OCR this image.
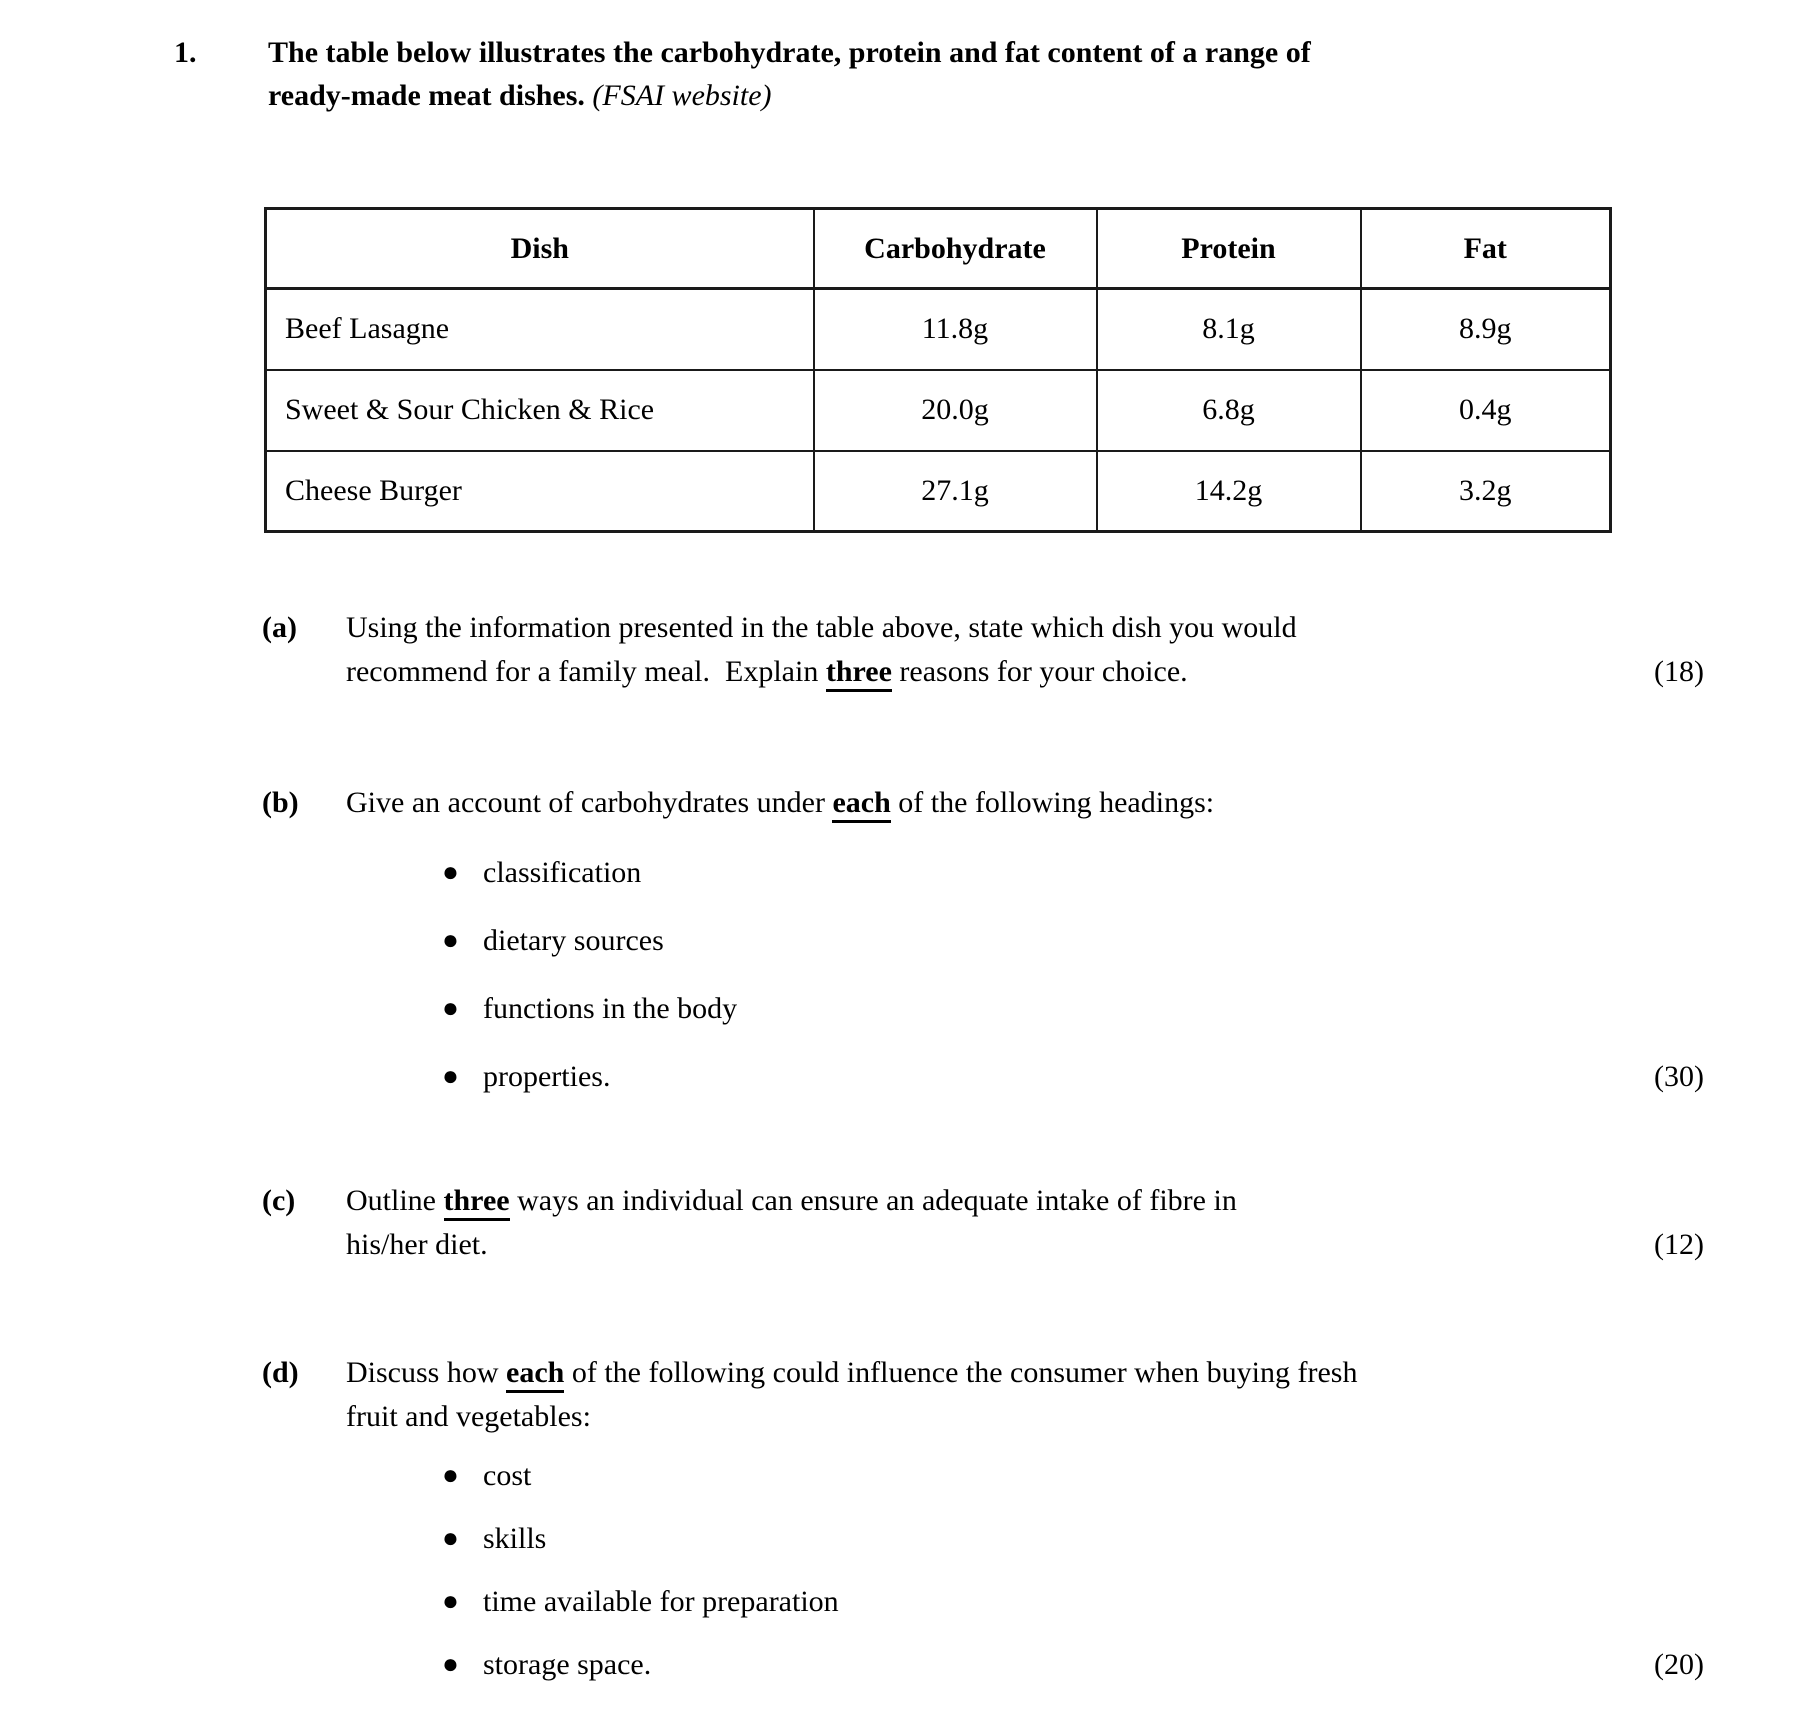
1.	The table below illustrates the carbohydrate, protein and fat content of a range of
ready-made meat dishes. (FSAI website)
Dish	Carbohydrate	Protein	Fat
Beef Lasagne	11.8g	8.1g	8.9g
Sweet & Sour Chicken & Rice	20.0g	6.8g	0.4g
Cheese Burger	27.1g	14.2g	3.2g
(a)	Using the information presented in the table above, state which dish you would
recommend for a family meal.  Explain three reasons for your choice.	(18)
(b)	Give an account of carbohydrates under each of the following headings:
● classification
● dietary sources
● functions in the body
● properties.	(30)
(c)	Outline three ways an individual can ensure an adequate intake of fibre in
his/her diet.	(12)
(d)	Discuss how each of the following could influence the consumer when buying fresh
fruit and vegetables:
● cost
● skills
● time available for preparation
● storage space.	(20)
